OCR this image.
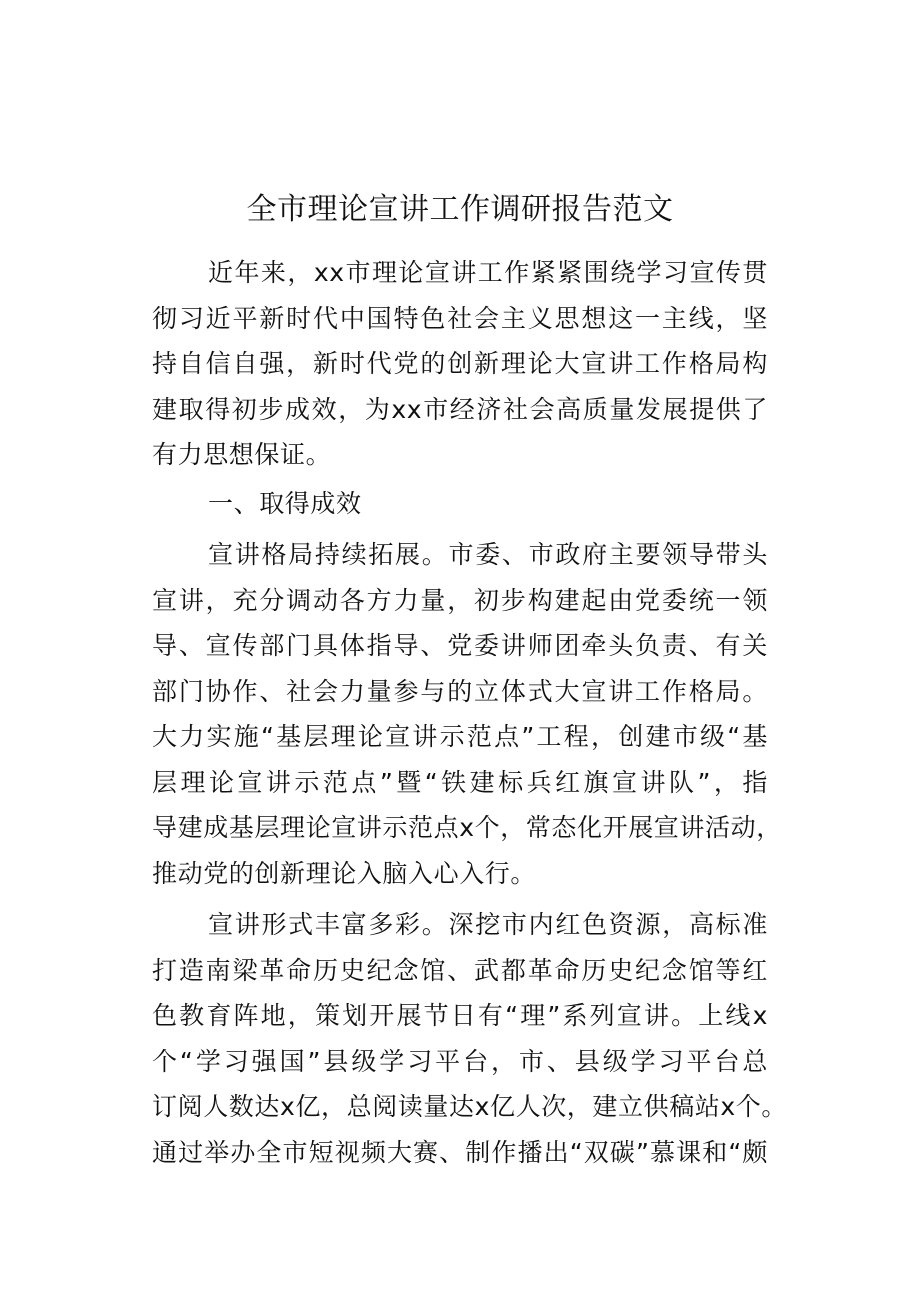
全市理论宣讲工作调研报告范文
近年来，xx市理论宣讲工作紧紧围绕学习宣传贯
彻习近平新时代中国特色社会主义思想这一主线，坚
持自信自强，新时代党的创新理论大宣讲工作格局构
建取得初步成效，为xx市经济社会高质量发展提供了
有力思想保证。
一、取得成效
宣讲格局持续拓展。市委、市政府主要领导带头
宣讲，充分调动各方力量，初步构建起由党委统一领
导、宣传部门具体指导、党委讲师团牵头负责、有关
部门协作、社会力量参与的立体式大宣讲工作格局。
大力实施“基层理论宣讲示范点”工程，创建市级“基
层理论宣讲示范点”暨“铁建标兵红旗宣讲队”，指
导建成基层理论宣讲示范点x个，常态化开展宣讲活动，
推动党的创新理论入脑入心入行。
宣讲形式丰富多彩。深挖市内红色资源，高标准
打造南梁革命历史纪念馆、武都革命历史纪念馆等红
色教育阵地，策划开展节日有“理”系列宣讲。上线x
个“学习强国”县级学习平台，市、县级学习平台总
订阅人数达x亿，总阅读量达x亿人次，建立供稿站x个。
通过举办全市短视频大赛、制作播出“双碳”慕课和“颇
